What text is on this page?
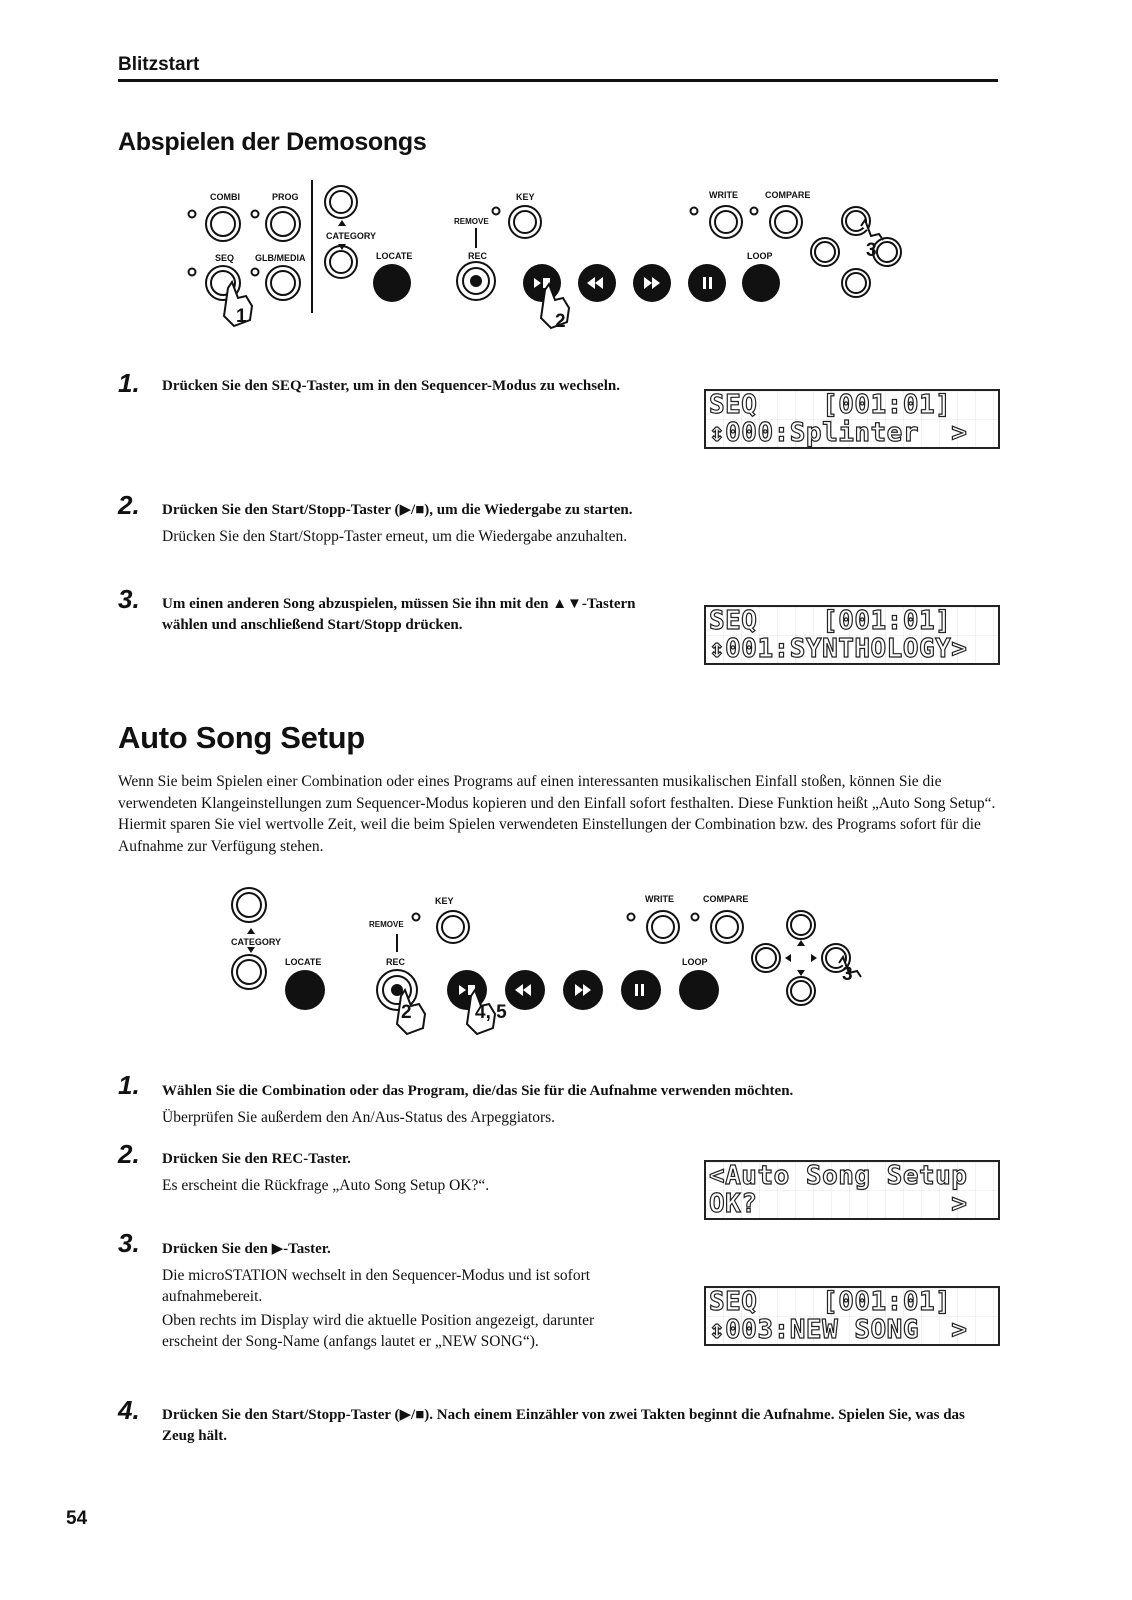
Blitzstart
Abspielen der Demosongs
COMBI	PROG
SEQ GLB/MEDIA
CATEGORY
LOCATE
REMOVE
KEY
REC
WRITE	COMPARE
LOOP
1	2
3
1. Drücken Sie den SEQ-Taster, um in den Sequencer-Modus zu wechseln.
SEQ    [001:01]
↕000:Splinter  >
2. Drücken Sie den Start/Stopp-Taster (▶/■), um die Wiedergabe zu starten.
Drücken Sie den Start/Stopp-Taster erneut, um die Wiedergabe anzuhalten.
3. Um einen anderen Song abzuspielen, müssen Sie ihn mit den ▲▼-Tastern wählen und anschließend Start/Stopp drücken.	SEQ    [001:01]
↕001:SYNTHOLOGY>
Auto Song Setup
Wenn Sie beim Spielen einer Combination oder eines Programs auf einen interessanten musikalischen Einfall stoßen, können Sie die verwendeten Klangeinstellungen zum Sequencer-Modus kopieren und den Einfall sofort festhalten. Diese Funktion heißt „Auto Song Setup“. Hiermit sparen Sie viel wertvolle Zeit, weil die beim Spielen verwendeten Einstellungen der Combination bzw. des Programs sofort für die Aufnahme zur Verfügung stehen.
CATEGORY
LOCATE
REMOVE
KEY
REC
WRITE	COMPARE
LOOP
2	4, 5
3
1. Wählen Sie die Combination oder das Program, die/das Sie für die Aufnahme verwenden möchten.
Überprüfen Sie außerdem den An/Aus-Status des Arpeggiators.
2. Drücken Sie den REC-Taster.
Es erscheint die Rückfrage „Auto Song Setup OK?“.	<Auto Song Setup
OK?            >
3. Drücken Sie den ▶-Taster.
Die microSTATION wechselt in den Sequencer-Modus und ist sofort aufnahmebereit.
Oben rechts im Display wird die aktuelle Position angezeigt, darunter erscheint der Song-Name (anfangs lautet er „NEW SONG“).
SEQ    [001:01]
↕003:NEW SONG  >
4. Drücken Sie den Start/Stopp-Taster (▶/■). Nach einem Einzähler von zwei Takten beginnt die Aufnahme. Spielen Sie, was das Zeug hält.
54
